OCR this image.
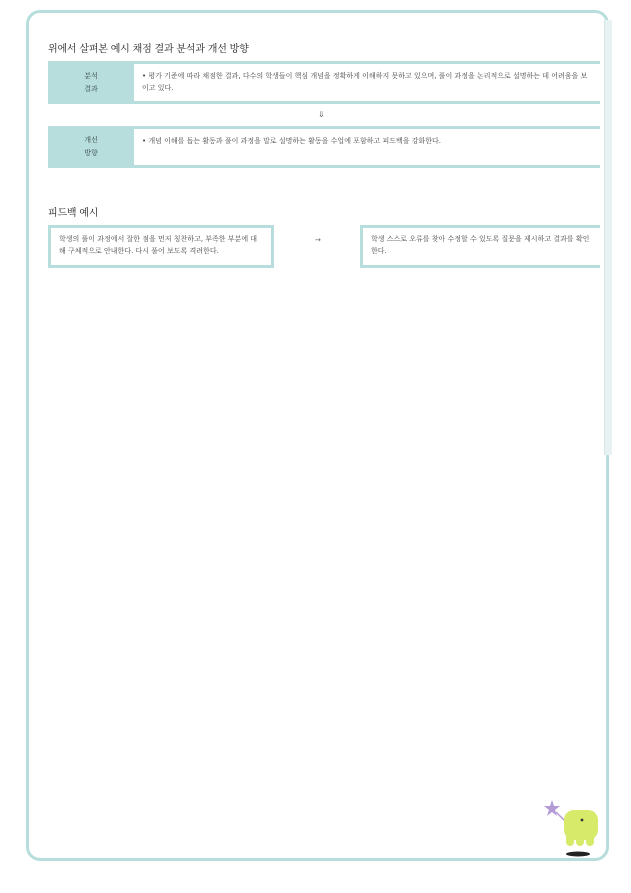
위에서 살펴본 예시 채점 결과 분석과 개선 방향
분석
결과
• 평가 기준에 따라 채점한 결과, 다수의 학생들이 핵심 개념을 정확하게 이해하지 못하고 있으며, 풀이 과정을 논리적으로 설명하는 데 어려움을 보이고 있다.
⇓
개선
방향
• 개념 이해를 돕는 활동과 풀이 과정을 말로 설명하는 활동을 수업에 포함하고 피드백을 강화한다.
피드백 예시
학생의 풀이 과정에서 잘한 점을 먼저 칭찬하고, 부족한 부분에 대해 구체적으로 안내한다. 다시 풀어 보도록 격려한다.
→	학생 스스로 오류를 찾아 수정할 수 있도록 질문을 제시하고 결과를 확인한다.
